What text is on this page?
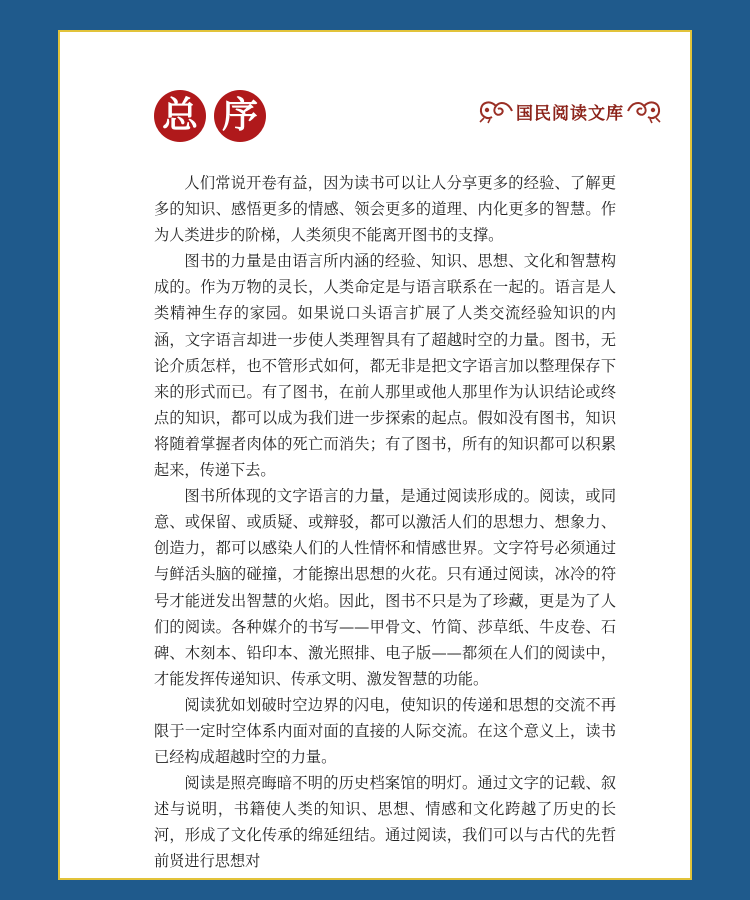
总 序	国民阅读文库

人们常说开卷有益，因为读书可以让人分享更多的经验、了解更多的知识、感悟更多的情感、领会更多的道理、内化更多的智慧。作为人类进步的阶梯，人类须臾不能离开图书的支撑。

图书的力量是由语言所内涵的经验、知识、思想、文化和智慧构成的。作为万物的灵长，人类命定是与语言联系在一起的。语言是人类精神生存的家园。如果说口头语言扩展了人类交流经验知识的内涵，文字语言却进一步使人类理智具有了超越时空的力量。图书，无论介质怎样，也不管形式如何，都无非是把文字语言加以整理保存下来的形式而已。有了图书，在前人那里或他人那里作为认识结论或终点的知识，都可以成为我们进一步探索的起点。假如没有图书，知识将随着掌握者肉体的死亡而消失；有了图书，所有的知识都可以积累起来，传递下去。

图书所体现的文字语言的力量，是通过阅读形成的。阅读，或同意、或保留、或质疑、或辩驳，都可以激活人们的思想力、想象力、创造力，都可以感染人们的人性情怀和情感世界。文字符号必须通过与鲜活头脑的碰撞，才能擦出思想的火花。只有通过阅读，冰冷的符号才能迸发出智慧的火焰。因此，图书不只是为了珍藏，更是为了人们的阅读。各种媒介的书写——甲骨文、竹简、莎草纸、牛皮卷、石碑、木刻本、铅印本、激光照排、电子版——都须在人们的阅读中，才能发挥传递知识、传承文明、激发智慧的功能。

阅读犹如划破时空边界的闪电，使知识的传递和思想的交流不再限于一定时空体系内面对面的直接的人际交流。在这个意义上，读书已经构成超越时空的力量。

阅读是照亮晦暗不明的历史档案馆的明灯。通过文字的记载、叙述与说明，书籍使人类的知识、思想、情感和文化跨越了历史的长河，形成了文化传承的绵延纽结。通过阅读，我们可以与古代的先哲前贤进行思想对
